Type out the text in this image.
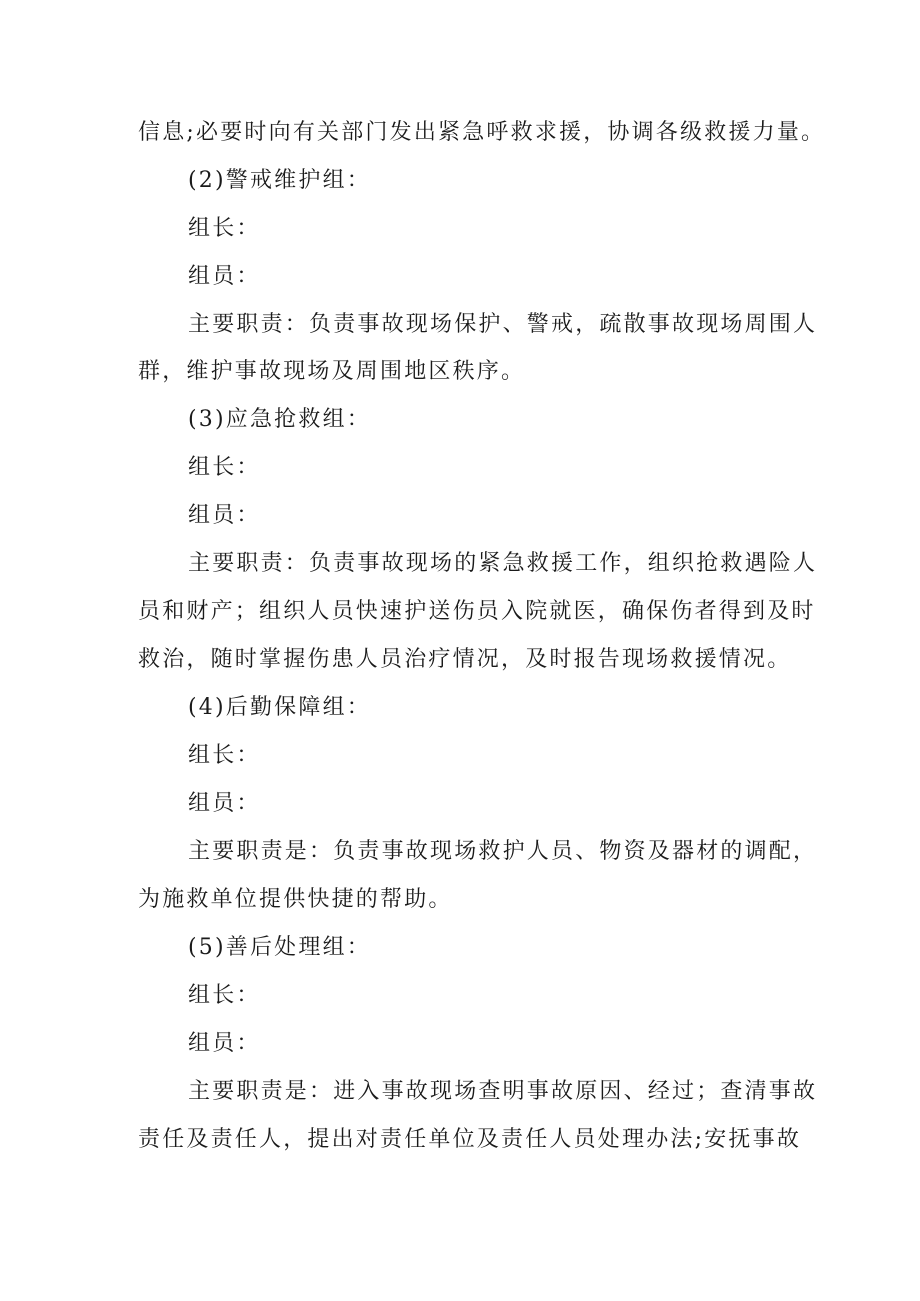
信息;必要时向有关部门发出紧急呼救求援，协调各级救援力量。
(2)警戒维护组：
组长：
组员：
主要职责：负责事故现场保护、警戒，疏散事故现场周围人
群，维护事故现场及周围地区秩序。
(3)应急抢救组：
组长：
组员：
主要职责：负责事故现场的紧急救援工作，组织抢救遇险人
员和财产；组织人员快速护送伤员入院就医，确保伤者得到及时
救治，随时掌握伤患人员治疗情况，及时报告现场救援情况。
(4)后勤保障组：
组长：
组员：
主要职责是：负责事故现场救护人员、物资及器材的调配，
为施救单位提供快捷的帮助。
(5)善后处理组：
组长：
组员：
主要职责是：进入事故现场查明事故原因、经过；查清事故
责任及责任人，提出对责任单位及责任人员处理办法;安抚事故
